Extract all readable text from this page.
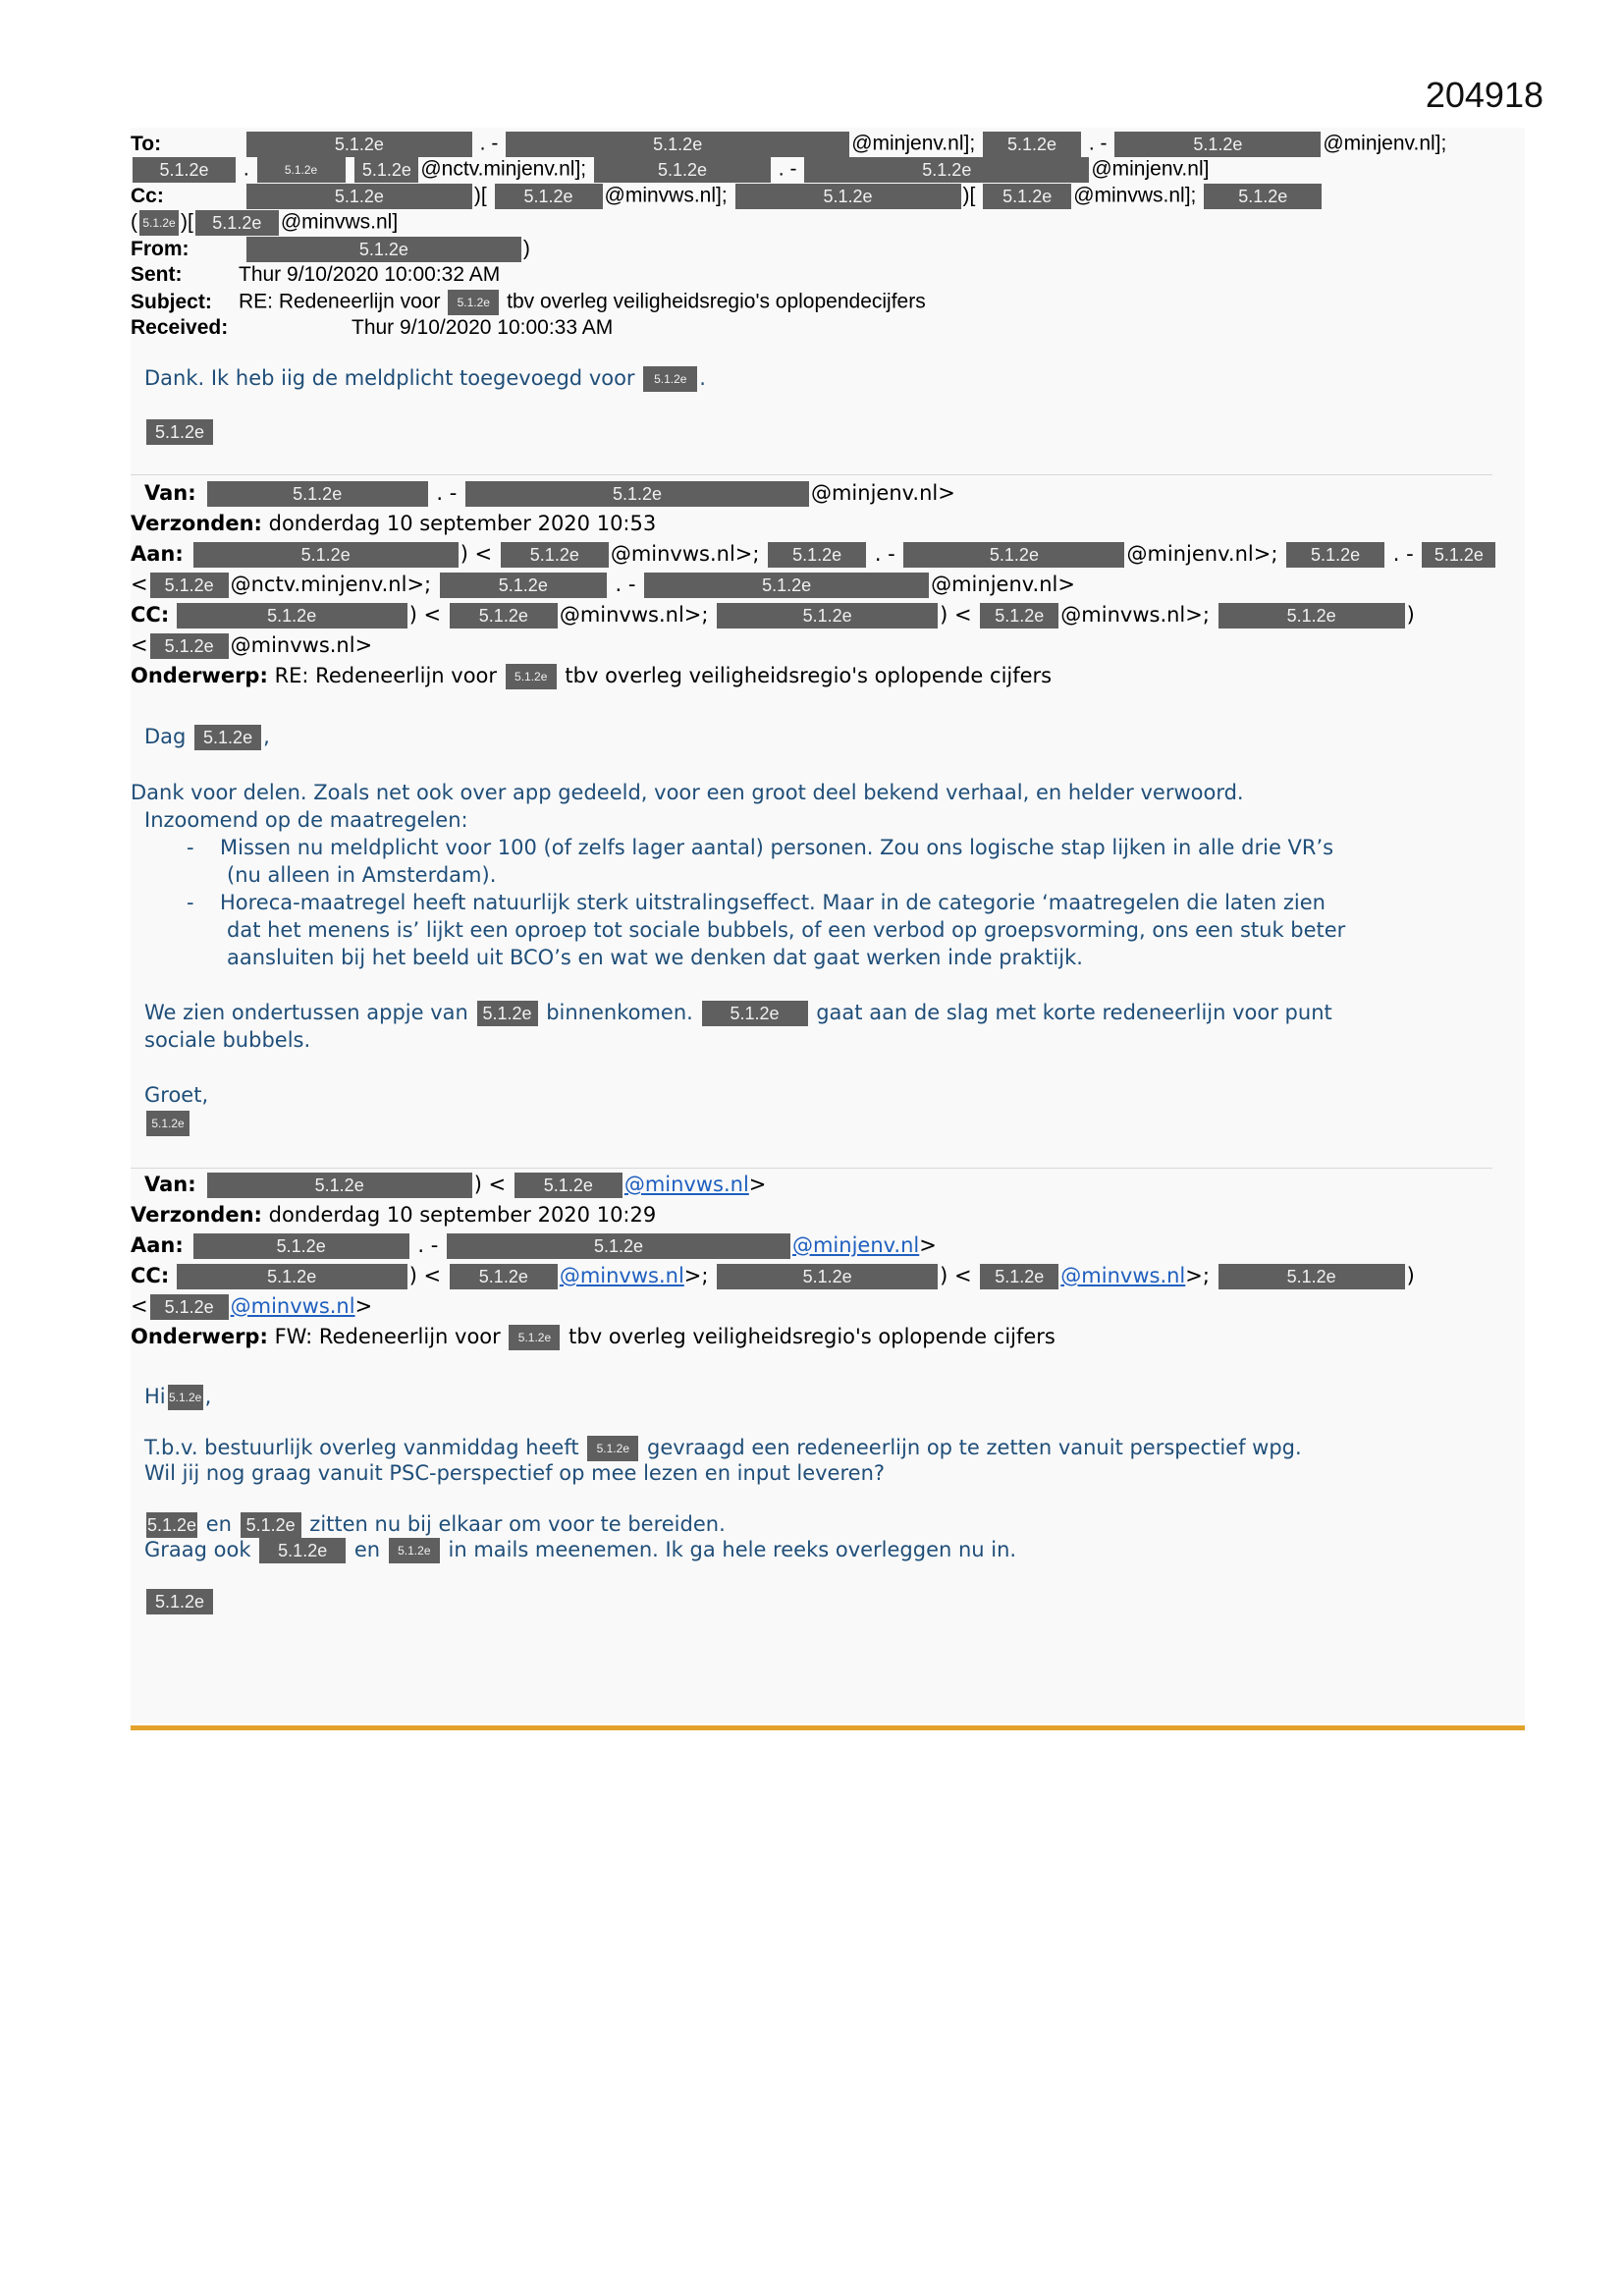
204918
To:	5.1.2e	. -	5.1.2e	@minjenv.nl]; 5.1.2e . -	5.1.2e	@minjenv.nl];
5.1.2e .	5.1.2e	5.1.2e @nctv.minjenv.nl];	5.1.2e	. -	5.1.2e	@minjenv.nl]
Cc:	5.1.2e	)[ 5.1.2e @minvws.nl];	5.1.2e	)[ 5.1.2e @minvws.nl]; 5.1.2e
( 5.1.2e )[ 5.1.2e @minvws.nl]
From:	5.1.2e	)
Sent:	Thur 9/10/2020 10:00:32 AM
Subject: RE: Redeneerlijn voor 5.1.2e tbv overleg veiligheidsregio's oplopendecijfers
Received:	Thur 9/10/2020 10:00:33 AM
Dank. Ik heb iig de meldplicht toegevoegd voor 5.1.2e .
5.1.2e
Van:	5.1.2e	. -	5.1.2e	@minjenv.nl>
Verzonden: donderdag 10 september 2020 10:53
Aan:	5.1.2e	) < 5.1.2e @minvws.nl>; 5.1.2e . -	5.1.2e	@minjenv.nl>; 5.1.2e . - 5.1.2e
< 5.1.2e @nctv.minjenv.nl>;	5.1.2e	. -	5.1.2e	@minjenv.nl>
CC:	5.1.2e	) < 5.1.2e @minvws.nl>;	5.1.2e	) < 5.1.2e @minvws.nl>;	5.1.2e	)
< 5.1.2e @minvws.nl>
Onderwerp: RE: Redeneerlijn voor 5.1.2e tbv overleg veiligheidsregio's oplopende cijfers
Dag 5.1.2e ,
Dank voor delen. Zoals net ook over app gedeeld, voor een groot deel bekend verhaal, en helder verwoord.
Inzoomend op de maatregelen:
- Missen nu meldplicht voor 100 (of zelfs lager aantal) personen. Zou ons logische stap lijken in alle drie VR’s
(nu alleen in Amsterdam).
- Horeca-maatregel heeft natuurlijk sterk uitstralingseffect. Maar in de categorie ‘maatregelen die laten zien
dat het menens is’ lijkt een oproep tot sociale bubbels, of een verbod op groepsvorming, ons een stuk beter
aansluiten bij het beeld uit BCO’s en wat we denken dat gaat werken inde praktijk.
We zien ondertussen appje van 5.1.2e binnenkomen. 5.1.2e gaat aan de slag met korte redeneerlijn voor punt
sociale bubbels.
Groet,
5.1.2e
Van:	5.1.2e	) < 5.1.2e @minvws.nl>
Verzonden: donderdag 10 september 2020 10:29
Aan:	5.1.2e	. -	5.1.2e	@minjenv.nl>
CC:	5.1.2e	) < 5.1.2e @minvws.nl>;	5.1.2e	) < 5.1.2e @minvws.nl>;	5.1.2e	)
< 5.1.2e @minvws.nl>
Onderwerp: FW: Redeneerlijn voor 5.1.2e tbv overleg veiligheidsregio's oplopende cijfers
Hi 5.1.2e ,
T.b.v. bestuurlijk overleg vanmiddag heeft 5.1.2e gevraagd een redeneerlijn op te zetten vanuit perspectief wpg.
Wil jij nog graag vanuit PSC-perspectief op mee lezen en input leveren?
5.1.2e en 5.1.2e zitten nu bij elkaar om voor te bereiden.
Graag ook 5.1.2e en 5.1.2e in mails meenemen. Ik ga hele reeks overleggen nu in.
5.1.2e
